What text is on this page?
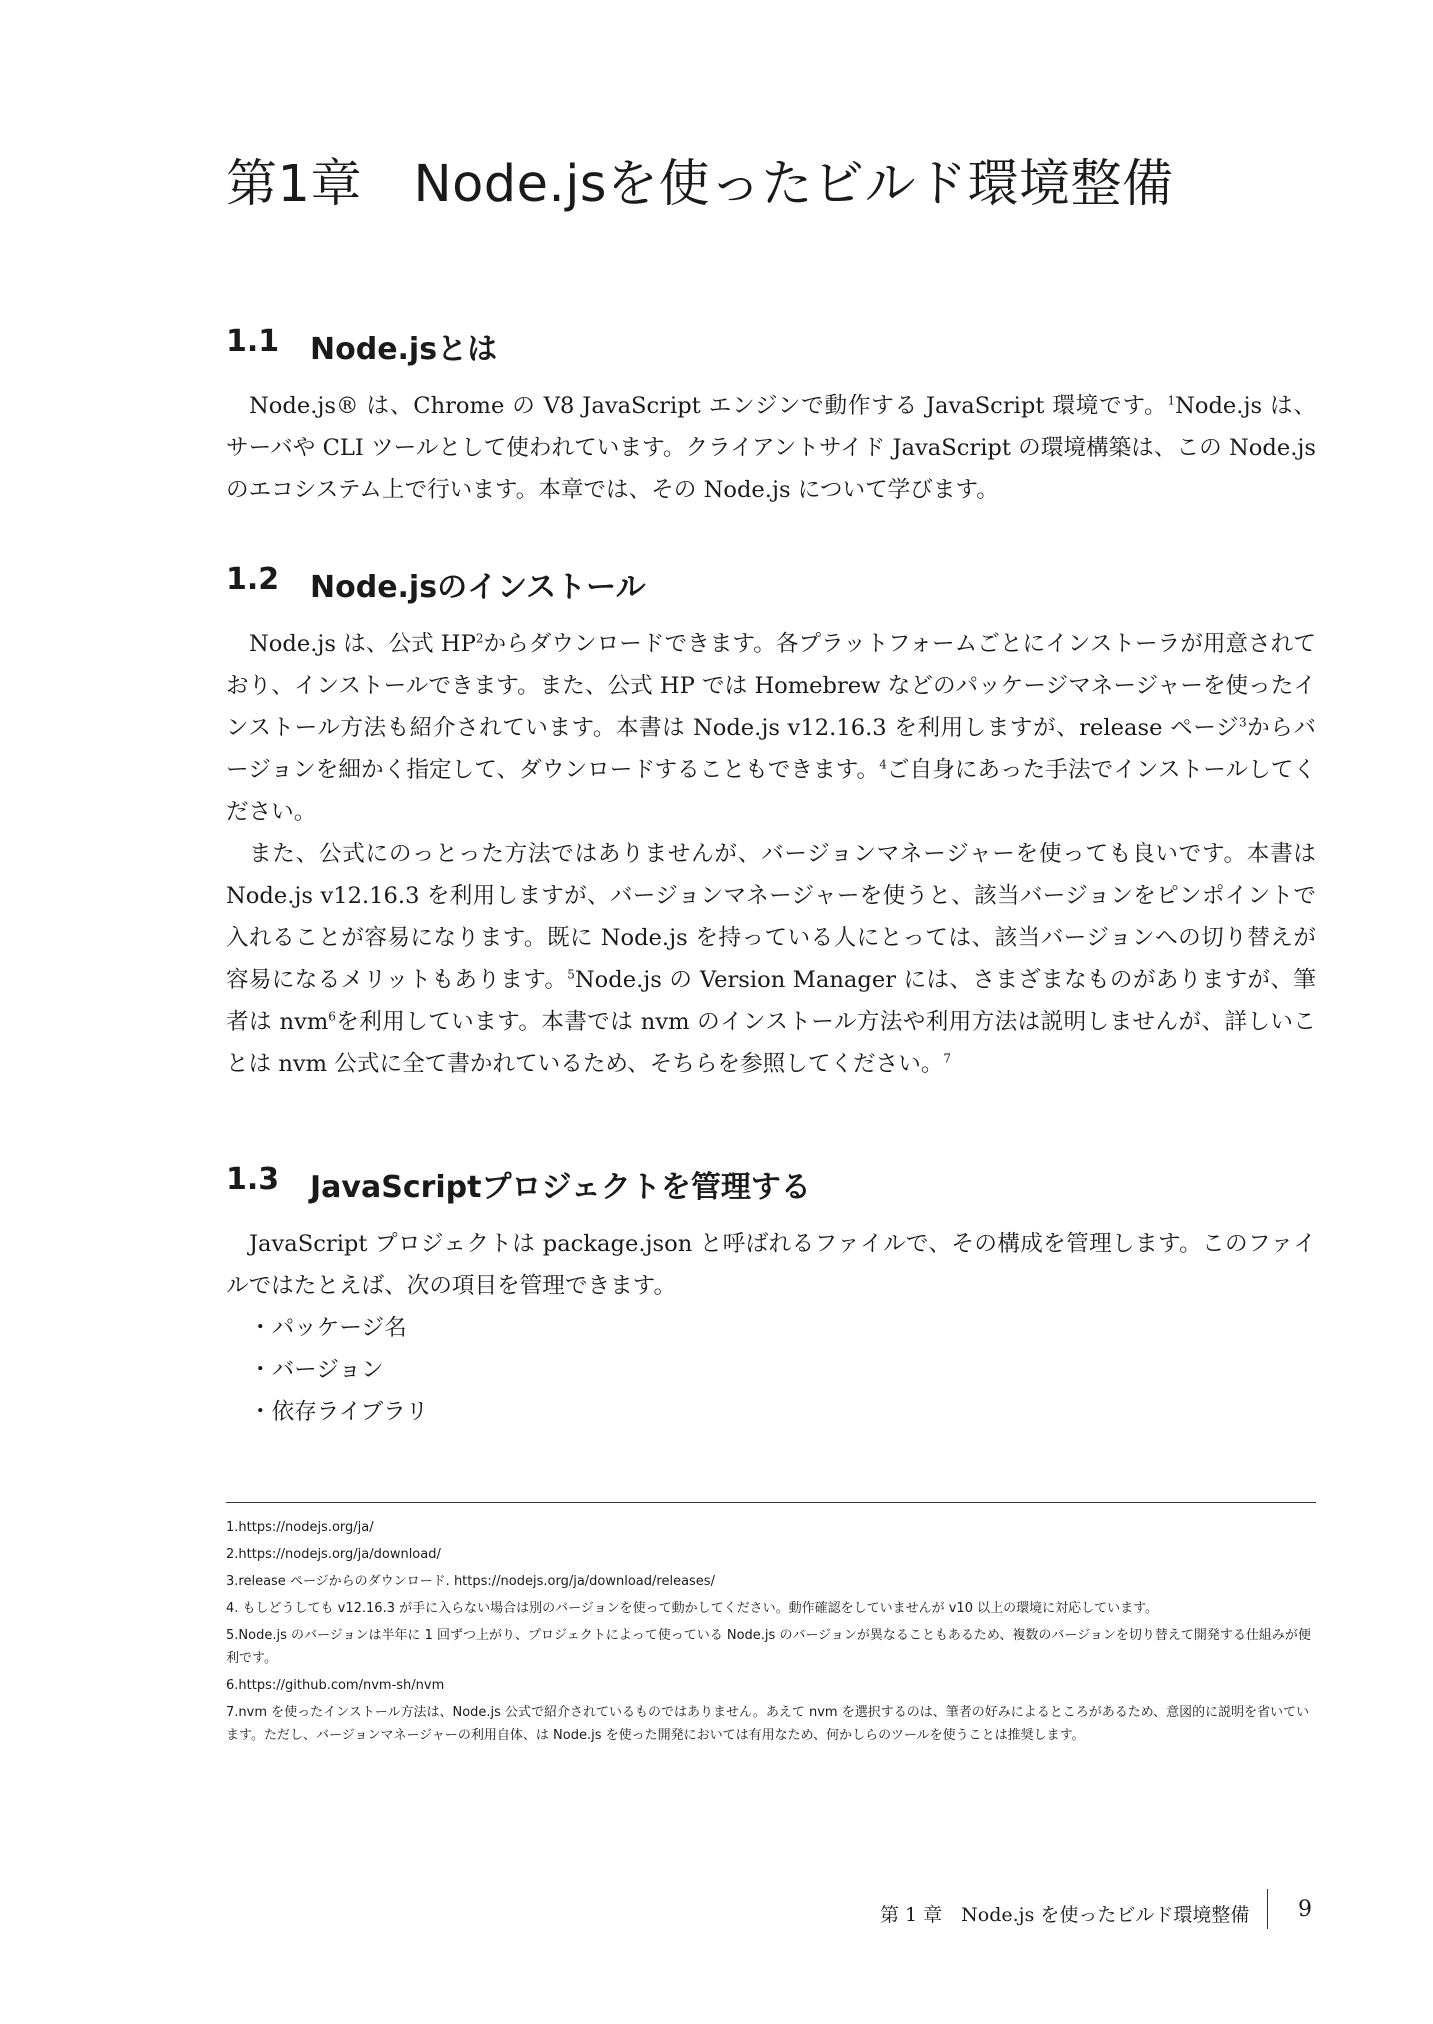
第1章　Node.jsを使ったビルド環境整備
1.1	Node.jsとは

Node.js® は、Chrome の V8 JavaScript エンジンで動作する JavaScript 環境です。$^1$Node.js は、サーバや CLI ツールとして使われています。クライアントサイド JavaScript の環境構築は、この Node.js のエコシステム上で行います。本章では、その Node.js について学びます。

1.2	Node.jsのインストール

Node.js は、公式 $HP^2$からダウンロードできます。各プラットフォームごとにインストーラが用意されており、インストールできます。また、公式 HP では Homebrew などのパッケージマネージャーを使ったインストール方法も紹介されています。本書は Node.js v12.16.3 を利用しますが、release ページ$^3$からバージョンを細かく指定して、ダウンロードすることもできます。$^4$ご自身にあった手法でインストールしてください。

また、公式にのっとった方法ではありませんが、バージョンマネージャーを使っても良いです。本書は Node.js v12.16.3 を利用しますが、バージョンマネージャーを使うと、該当バージョンをピンポイントで入れることが容易になります。既に Node.js を持っている人にとっては、該当バージョンへの切り替えが容易になるメリットもあります。$^5$Node.js の Version Manager には、さまざまなものがありますが、筆者は nvm$^6$を利用しています。本書では nvm のインストール方法や利用方法は説明しませんが、詳しいことは nvm 公式に全て書かれているため、そちらを参照してください。$^7$

1.3	JavaScriptプロジェクトを管理する

JavaScript プロジェクトは package.json と呼ばれるファイルで、その構成を管理します。このファイルではたとえば、次の項目を管理できます。

・パッケージ名
・バージョン
・依存ライブラリ

1.https://nodejs.org/ja/

2.https://nodejs.org/ja/download/

3.release ページからのダウンロード. https://nodejs.org/ja/download/releases/

4. もしどうしても v12.16.3 が手に入らない場合は別のバージョンを使って動かしてください。動作確認をしていませんが v10 以上の環境に対応しています。

5.Node.js のバージョンは半年に 1 回ずつ上がり、プロジェクトによって使っている Node.js のバージョンが異なることもあるため、複数のバージョンを切り替えて開発する仕組みが便利です。

6.https://github.com/nvm-sh/nvm

7.nvm を使ったインストール方法は、Node.js 公式で紹介されているものではありません。あえて nvm を選択するのは、筆者の好みによるところがあるため、意図的に説明を省いています。ただし、バージョンマネージャーの利用自体、は Node.js を使った開発においては有用なため、何かしらのツールを使うことは推奨します。

第 1 章　Node.js を使ったビルド環境整備 9
